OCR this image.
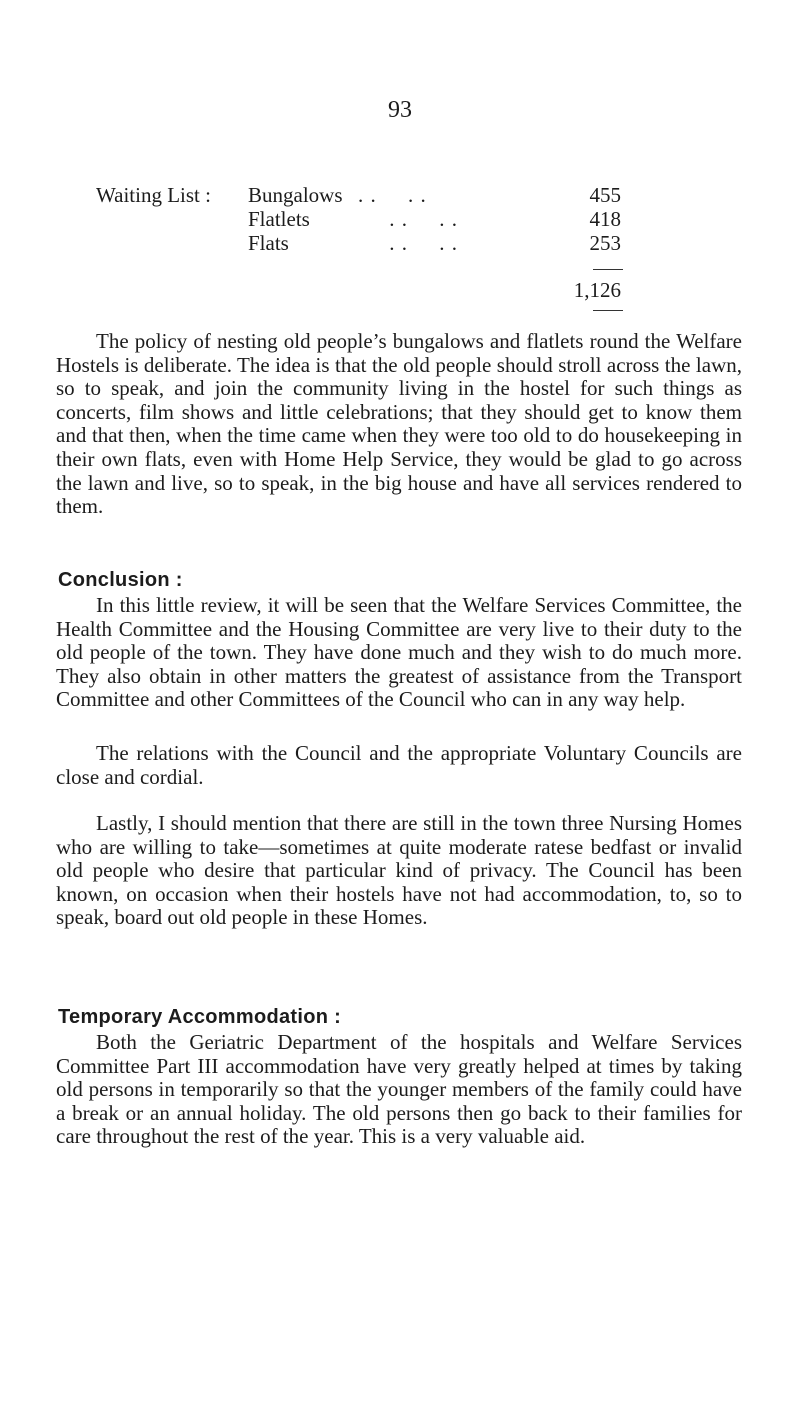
93
Waiting List :	Bungalows . .     . .	455
Flatlets	. .     . .	418
Flats	. .     . .	253
1,126
The policy of nesting old people’s bungalows and flatlets round the Welfare Hostels is deliberate. The idea is that the old people should stroll across the lawn, so to speak, and join the community living in the hostel for such things as concerts, film shows and little celebrations; that they should get to know them and that then, when the time came when they were too old to do housekeeping in their own flats, even with Home Help Service, they would be glad to go across the lawn and live, so to speak, in the big house and have all services rendered to them.
Conclusion :
In this little review, it will be seen that the Welfare Services Committee, the Health Committee and the Housing Committee are very live to their duty to the old people of the town. They have done much and they wish to do much more. They also obtain in other matters the greatest of assistance from the Transport Committee and other Committees of the Council who can in any way help.
The relations with the Council and the appropriate Voluntary Councils are close and cordial.
Lastly, I should mention that there are still in the town three Nursing Homes who are willing to take—sometimes at quite moderate ratese bedfast or invalid old people who desire that particular kind of privacy. The Council has been known, on occasion when their hostels have not had accommodation, to, so to speak, board out old people in these Homes.
Temporary Accommodation :
Both the Geriatric Department of the hospitals and Welfare Services Committee Part III accommodation have very greatly helped at times by taking old persons in temporarily so that the younger members of the family could have a break or an annual holiday. The old persons then go back to their families for care throughout the rest of the year. This is a very valuable aid.
